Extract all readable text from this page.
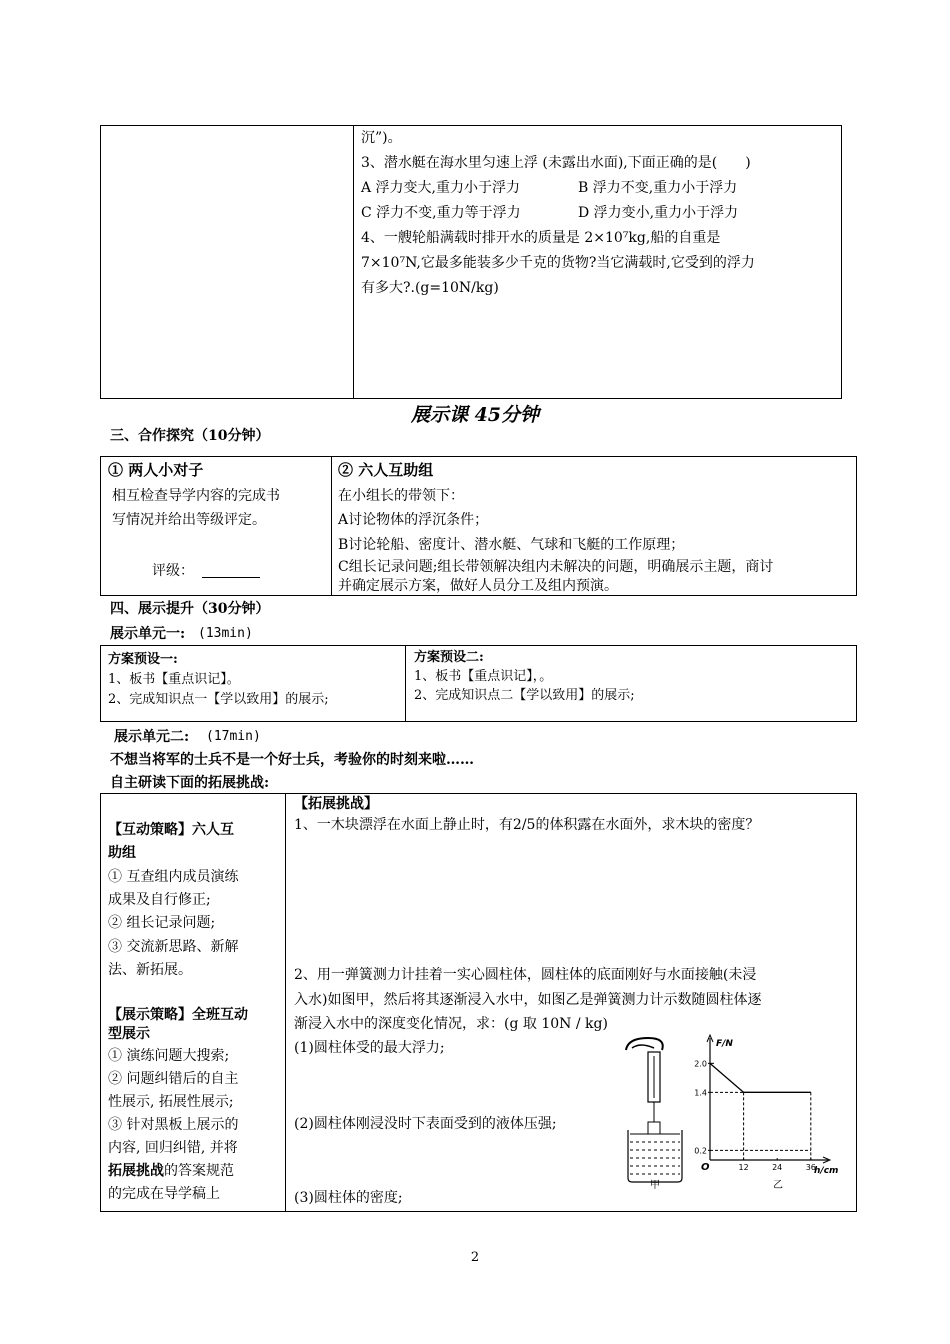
沉”)。
3、潜水艇在海水里匀速上浮 (未露出水面),下面正确的是(　　)
A 浮力变大,重力小于浮力	B 浮力不变,重力小于浮力
C 浮力不变,重力等于浮力	D 浮力变小,重力小于浮力
4、一艘轮船满载时排开水的质量是 2×10⁷kg,船的自重是
7×10⁷N,它最多能装多少千克的货物?当它满载时,它受到的浮力
有多大?.(g=10N/kg)
展示课 45分钟
三、合作探究（10分钟）
① 两人小对子
相互检查导学内容的完成书
写情况并给出等级评定。
评级：
② 六人互助组
在小组长的带领下：
A讨论物体的浮沉条件；
B讨论轮船、密度计、潜水艇、气球和飞艇的工作原理；
C组长记录问题;组长带领解决组内未解决的问题，明确展示主题，商讨
并确定展示方案，做好人员分工及组内预演。
四、展示提升（30分钟）
展示单元一: (13min)
方案预设一:
1、板书【重点识记】。
2、完成知识点一【学以致用】的展示;
方案预设二:
1、板书【重点识记】，。
2、完成知识点二【学以致用】的展示;
展示单元二: (17min)
不想当将军的士兵不是一个好士兵，考验你的时刻来啦……
自主研读下面的拓展挑战:
【互动策略】六人互
助组
① 互查组内成员演练
成果及自行修正;
② 组长记录问题;
③ 交流新思路、新解
法、新拓展。
【展示策略】全班互动
型展示
① 演练问题大搜索;
② 问题纠错后的自主
性展示, 拓展性展示;
③ 针对黑板上展示的
内容, 回归纠错, 并将
拓展挑战的答案规范
的完成在导学稿上
【拓展挑战】
1、一木块漂浮在水面上静止时，有2/5的体积露在水面外，求木块的密度？
2、用一弹簧测力计挂着一实心圆柱体，圆柱体的底面刚好与水面接触(未浸
入水)如图甲，然后将其逐渐浸入水中，如图乙是弹簧测力计示数随圆柱体逐
渐浸入水中的深度变化情况，求：(g 取 10N / kg)
(1)圆柱体受的最大浮力;
(2)圆柱体刚浸没时下表面受到的液体压强;
(3)圆柱体的密度;
甲
F/N
h/cm
O
2.0
1.4
0.2
12	24	36
乙
2
